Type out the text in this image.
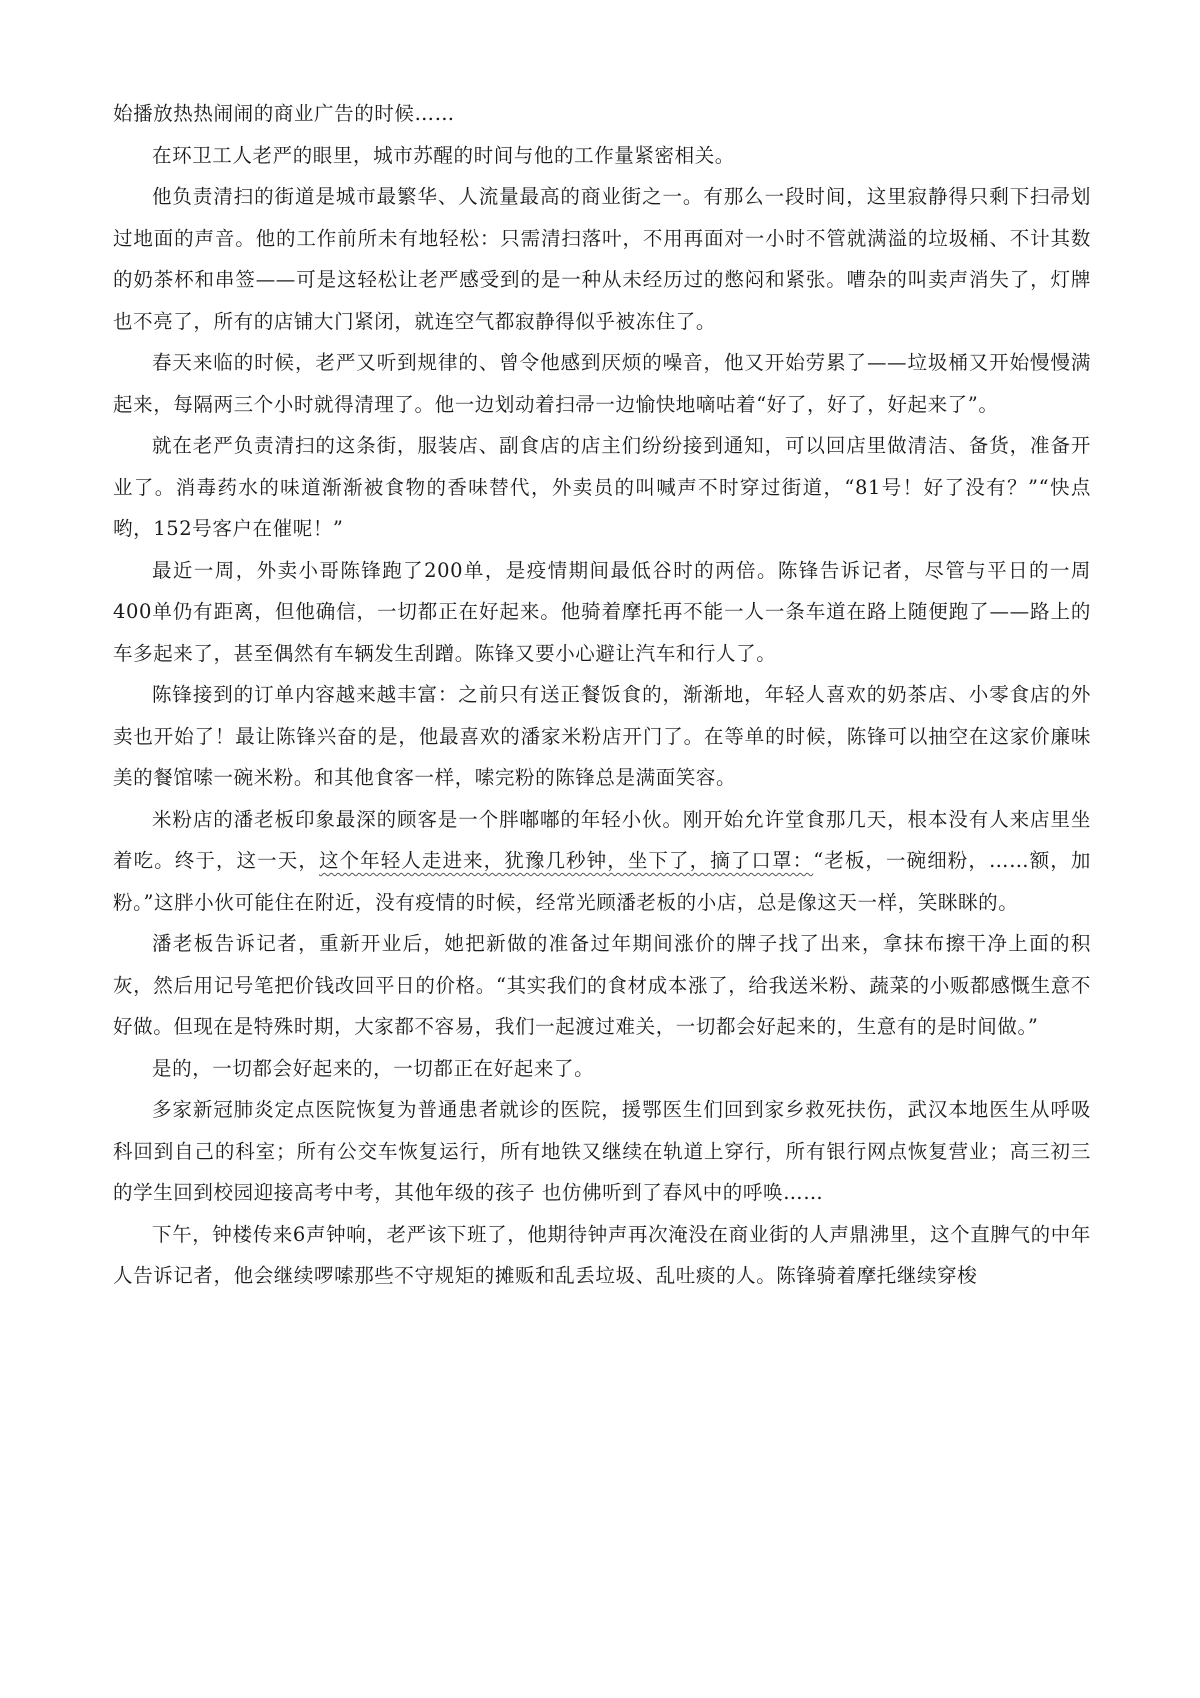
始播放热热闹闹的商业广告的时候……

在环卫工人老严的眼里，城市苏醒的时间与他的工作量紧密相关。

他负责清扫的街道是城市最繁华、人流量最高的商业街之一。有那么一段时间，这里寂静得只剩下扫帚划过地面的声音。他的工作前所未有地轻松：只需清扫落叶，不用再面对一小时不管就满溢的垃圾桶、不计其数的奶茶杯和串签——可是这轻松让老严感受到的是一种从未经历过的憋闷和紧张。嘈杂的叫卖声消失了，灯牌也不亮了，所有的店铺大门紧闭，就连空气都寂静得似乎被冻住了。

春天来临的时候，老严又听到规律的、曾令他感到厌烦的噪音，他又开始劳累了——垃圾桶又开始慢慢满起来，每隔两三个小时就得清理了。他一边划动着扫帚一边愉快地嘀咕着“好了，好了，好起来了”。

就在老严负责清扫的这条街，服装店、副食店的店主们纷纷接到通知，可以回店里做清洁、备货，准备开业了。消毒药水的味道渐渐被食物的香味替代，外卖员的叫喊声不时穿过街道，“81号！好了没有？”“快点哟，152号客户在催呢！”

最近一周，外卖小哥陈锋跑了200单，是疫情期间最低谷时的两倍。陈锋告诉记者，尽管与平日的一周400单仍有距离，但他确信，一切都正在好起来。他骑着摩托再不能一人一条车道在路上随便跑了——路上的车多起来了，甚至偶然有车辆发生刮蹭。陈锋又要小心避让汽车和行人了。

陈锋接到的订单内容越来越丰富：之前只有送正餐饭食的，渐渐地，年轻人喜欢的奶茶店、小零食店的外卖也开始了！最让陈锋兴奋的是，他最喜欢的潘家米粉店开门了。在等单的时候，陈锋可以抽空在这家价廉味美的餐馆嗦一碗米粉。和其他食客一样，嗦完粉的陈锋总是满面笑容。

米粉店的潘老板印象最深的顾客是一个胖嘟嘟的年轻小伙。刚开始允许堂食那几天，根本没有人来店里坐着吃。终于，这一天，这个年轻人走进来，犹豫几秒钟，坐下了，摘了口罩：“老板，一碗细粉，……额，加粉。”这胖小伙可能住在附近，没有疫情的时候，经常光顾潘老板的小店，总是像这天一样，笑眯眯的。

潘老板告诉记者，重新开业后，她把新做的准备过年期间涨价的牌子找了出来，拿抹布擦干净上面的积灰，然后用记号笔把价钱改回平日的价格。“其实我们的食材成本涨了，给我送米粉、蔬菜的小贩都感慨生意不好做。但现在是特殊时期，大家都不容易，我们一起渡过难关，一切都会好起来的，生意有的是时间做。”

是的，一切都会好起来的，一切都正在好起来了。

多家新冠肺炎定点医院恢复为普通患者就诊的医院，援鄂医生们回到家乡救死扶伤，武汉本地医生从呼吸科回到自己的科室；所有公交车恢复运行，所有地铁又继续在轨道上穿行，所有银行网点恢复营业；高三初三的学生回到校园迎接高考中考，其他年级的孩子 也仿佛听到了春风中的呼唤……

下午，钟楼传来6声钟响，老严该下班了，他期待钟声再次淹没在商业街的人声鼎沸里，这个直脾气的中年人告诉记者，他会继续啰嗦那些不守规矩的摊贩和乱丢垃圾、乱吐痰的人。陈锋骑着摩托继续穿梭
